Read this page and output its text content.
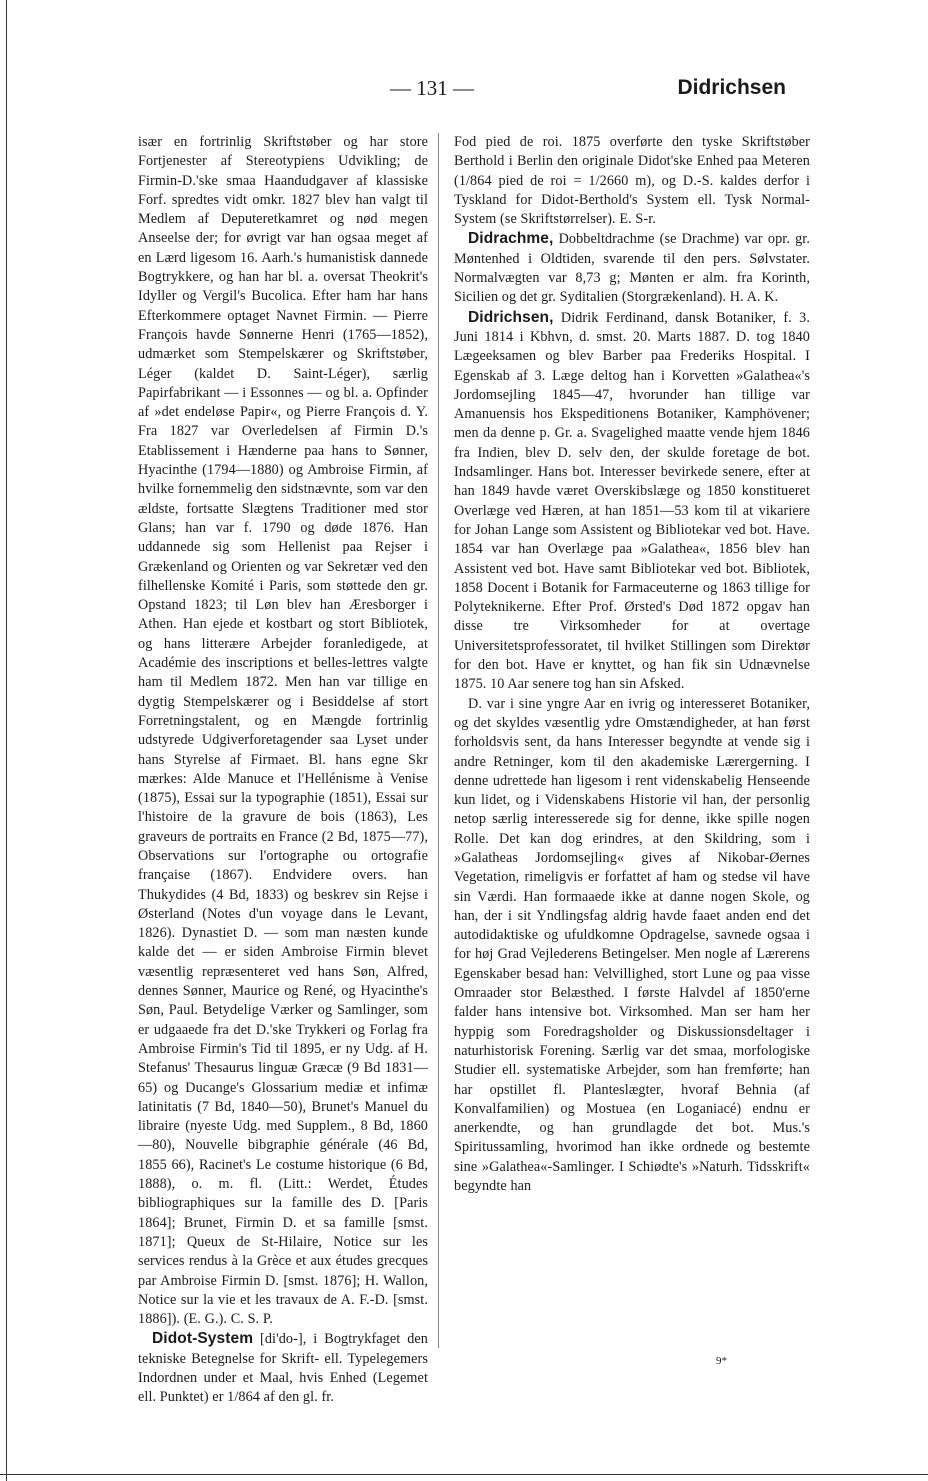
— 131 —	Didrichsen

især en fortrinlig Skriftstøber og har store Fortjenester af Stereotypiens Udvikling; de Firmin-D.'ske smaa Haandudgaver af klassiske Forf. spredtes vidt omkr. 1827 blev han valgt til Medlem af Deputeretkamret og nød megen Anseelse der; for øvrigt var han ogsaa meget af en Lærd ligesom 16. Aarh.'s humanistisk dannede Bogtrykkere, og han har bl. a. oversat Theokrit's Idyller og Vergil's Bucolica. Efter ham har hans Efterkommere optaget Navnet Firmin. — Pierre François havde Sønnerne Henri (1765—1852), udmærket som Stempelskærer og Skriftstøber, Léger (kaldet D. Saint-Léger), særlig Papirfabrikant — i Essonnes — og bl. a. Opfinder af »det endeløse Papir«, og Pierre François d. Y. Fra 1827 var Overledelsen af Firmin D.'s Etablissement i Hænderne paa hans to Sønner, Hyacinthe (1794—1880) og Ambroise Firmin, af hvilke fornemmelig den sidstnævnte, som var den ældste, fortsatte Slægtens Traditioner med stor Glans; han var f. 1790 og døde 1876. Han uddannede sig som Hellenist paa Rejser i Grækenland og Orienten og var Sekretær ved den filhellenske Komité i Paris, som støttede den gr. Opstand 1823; til Løn blev han Æresborger i Athen. Han ejede et kostbart og stort Bibliotek, og hans litterære Arbejder foranledigede, at Académie des inscriptions et belles-lettres valgte ham til Medlem 1872. Men han var tillige en dygtig Stempelskærer og i Besiddelse af stort Forretningstalent, og en Mængde fortrinlig udstyrede Udgiverforetagender saa Lyset under hans Styrelse af Firmaet. Bl. hans egne Skr mærkes: Alde Manuce et l'Hellénisme à Venise (1875), Essai sur la typographie (1851), Essai sur l'histoire de la gravure de bois (1863), Les graveurs de portraits en France (2 Bd, 1875—77), Observations sur l'ortographe ou ortografie française (1867). Endvidere overs. han Thukydides (4 Bd, 1833) og beskrev sin Rejse i Østerland (Notes d'un voyage dans le Levant, 1826). Dynastiet D. — som man næsten kunde kalde det — er siden Ambroise Firmin blevet væsentlig repræsenteret ved hans Søn, Alfred, dennes Sønner, Maurice og René, og Hyacinthe's Søn, Paul. Betydelige Værker og Samlinger, som er udgaaede fra det D.'ske Trykkeri og Forlag fra Ambroise Firmin's Tid til 1895, er ny Udg. af H. Stefanus' Thesaurus linguæ Græcæ (9 Bd 1831—65) og Ducange's Glossarium mediæ et infimæ latinitatis (7 Bd, 1840—50), Brunet's Manuel du libraire (nyeste Udg. med Supplem., 8 Bd, 1860—80), Nouvelle bibgraphie générale (46 Bd, 1855 66), Racinet's Le costume historique (6 Bd, 1888), o. m. fl. (Litt.: Werdet, Études bibliographiques sur la famille des D. [Paris 1864]; Brunet, Firmin D. et sa famille [smst. 1871]; Queux de St-Hilaire, Notice sur les services rendus à la Grèce et aux études grecques par Ambroise Firmin D. [smst. 1876]; H. Wallon, Notice sur la vie et les travaux de A. F.-D. [smst. 1886]). (E. G.). C. S. P.

Didot-System [di'do-], i Bogtrykfaget den tekniske Betegnelse for Skrift- ell. Typelegemers Indordnen under et Maal, hvis Enhed (Legemet ell. Punktet) er 1/864 af den gl. fr.

Fod pied de roi. 1875 overførte den tyske Skriftstøber Berthold i Berlin den originale Didot'ske Enhed paa Meteren (1/864 pied de roi = 1/2660 m), og D.-S. kaldes derfor i Tyskland for Didot-Berthold's System ell. Tysk Normal-System (se Skriftstørrelser). E. S-r.

Didrachme, Dobbeltdrachme (se Drachme) var opr. gr. Møntenhed i Oldtiden, svarende til den pers. Sølvstater. Normalvægten var 8,73 g; Mønten er alm. fra Korinth, Sicilien og det gr. Syditalien (Storgrækenland). H. A. K.

Didrichsen, Didrik Ferdinand, dansk Botaniker, f. 3. Juni 1814 i Kbhvn, d. smst. 20. Marts 1887. D. tog 1840 Lægeeksamen og blev Barber paa Frederiks Hospital. I Egenskab af 3. Læge deltog han i Korvetten »Galathea«'s Jordomsejling 1845—47, hvorunder han tillige var Amanuensis hos Ekspeditionens Botaniker, Kamphövener; men da denne p. Gr. a. Svagelighed maatte vende hjem 1846 fra Indien, blev D. selv den, der skulde foretage de bot. Indsamlinger. Hans bot. Interesser bevirkede senere, efter at han 1849 havde været Overskibslæge og 1850 konstitueret Overlæge ved Hæren, at han 1851—53 kom til at vikariere for Johan Lange som Assistent og Bibliotekar ved bot. Have. 1854 var han Overlæge paa »Galathea«, 1856 blev han Assistent ved bot. Have samt Bibliotekar ved bot. Bibliotek, 1858 Docent i Botanik for Farmaceuterne og 1863 tillige for Polyteknikerne. Efter Prof. Ørsted's Død 1872 opgav han disse tre Virksomheder for at overtage Universitetsprofessoratet, til hvilket Stillingen som Direktør for den bot. Have er knyttet, og han fik sin Udnævnelse 1875. 10 Aar senere tog han sin Afsked.

D. var i sine yngre Aar en ivrig og interesseret Botaniker, og det skyldes væsentlig ydre Omstændigheder, at han først forholdsvis sent, da hans Interesser begyndte at vende sig i andre Retninger, kom til den akademiske Lærergerning. I denne udrettede han ligesom i rent videnskabelig Henseende kun lidet, og i Videnskabens Historie vil han, der personlig netop særlig interesserede sig for denne, ikke spille nogen Rolle. Det kan dog erindres, at den Skildring, som i »Galatheas Jordomsejling« gives af Nikobar-Øernes Vegetation, rimeligvis er forfattet af ham og stedse vil have sin Værdi. Han formaaede ikke at danne nogen Skole, og han, der i sit Yndlingsfag aldrig havde faaet anden end det autodidaktiske og ufuldkomne Opdragelse, savnede ogsaa i for høj Grad Vejlederens Betingelser. Men nogle af Lærerens Egenskaber besad han: Velvillighed, stort Lune og paa visse Omraader stor Belæsthed. I første Halvdel af 1850'erne falder hans intensive bot. Virksomhed. Man ser ham her hyppig som Foredragsholder og Diskussionsdeltager i naturhistorisk Forening. Særlig var det smaa, morfologiske Studier ell. systematiske Arbejder, som han fremførte; han har opstillet fl. Planteslægter, hvoraf Behnia (af Konvalfamilien) og Mostuea (en Loganiacé) endnu er anerkendte, og han grundlagde det bot. Mus.'s Spiritussamling, hvorimod han ikke ordnede og bestemte sine »Galathea«-Samlinger. I Schiødte's »Naturh. Tidsskrift« begyndte han

9*
